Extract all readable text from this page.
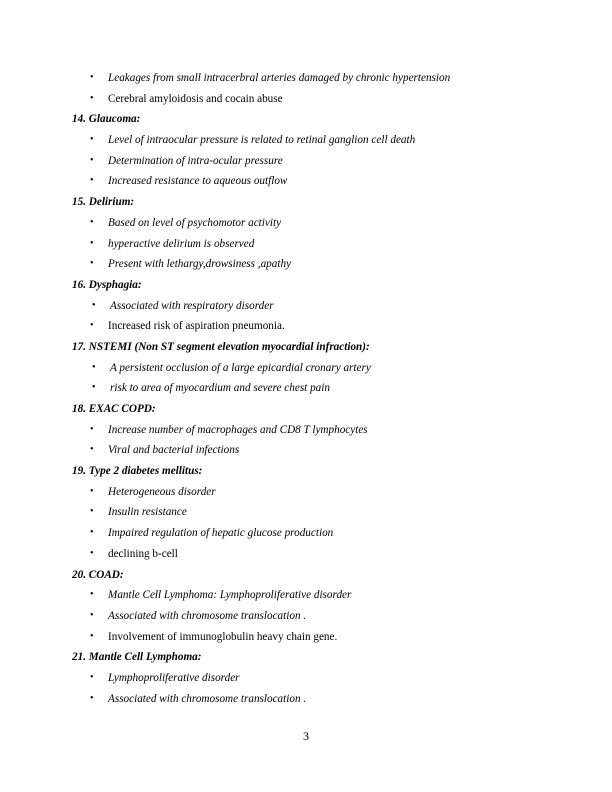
• Leakages from small intracerbral arteries damaged by chronic hypertension
• Cerebral amyloidosis and cocain abuse
14. Glaucoma:
• Level of intraocular pressure is related to retinal ganglion cell death
• Determination of intra-ocular pressure
• Increased resistance to aqueous outflow
15. Delirium:
• Based on level of psychomotor activity
• hyperactive delirium is observed
• Present with lethargy,drowsiness ,apathy
16. Dysphagia:
• Associated with respiratory disorder
• Increased risk of aspiration pneumonia.
17. NSTEMI (Non ST segment elevation myocardial infraction):
• A persistent occlusion of a large epicardial cronary artery
• risk to area of myocardium and severe chest pain
18. EXAC COPD:
• Increase number of macrophages and CD8 T lymphocytes
• Viral and bacterial infections
19. Type 2 diabetes mellitus:
• Heterogeneous disorder
• Insulin resistance
• Impaired regulation of hepatic glucose production
• declining b-cell
20. COAD:
• Mantle Cell Lymphoma: Lymphoproliferative disorder
• Associated with chromosome translocation .
• Involvement of immunoglobulin heavy chain gene.
21. Mantle Cell Lymphoma:
• Lymphoproliferative disorder
• Associated with chromosome translocation .
3
